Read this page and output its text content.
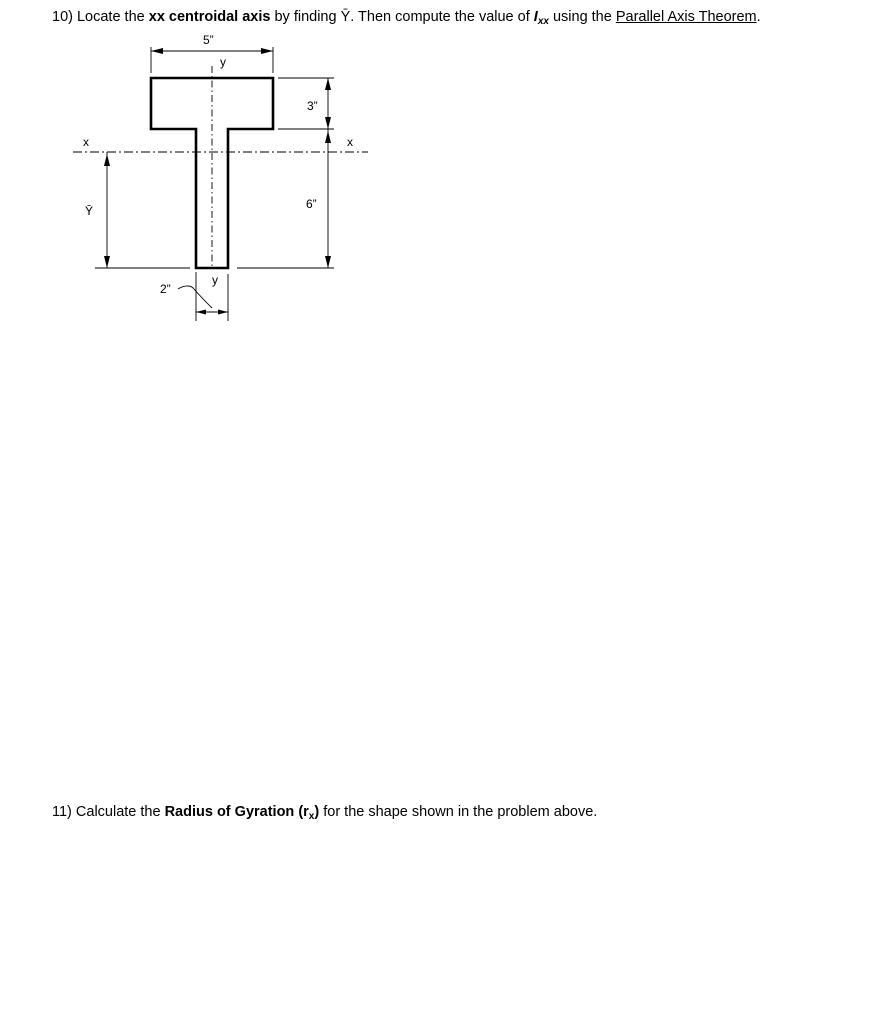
10) Locate the xx centroidal axis by finding Ȳ. Then compute the value of $I_{xx}$ using the Parallel Axis Theorem.
5”
3”
6”
Ȳ
x	x
y
y
2”
11) Calculate the Radius of Gyration $(r_x)$ for the shape shown in the problem above.
